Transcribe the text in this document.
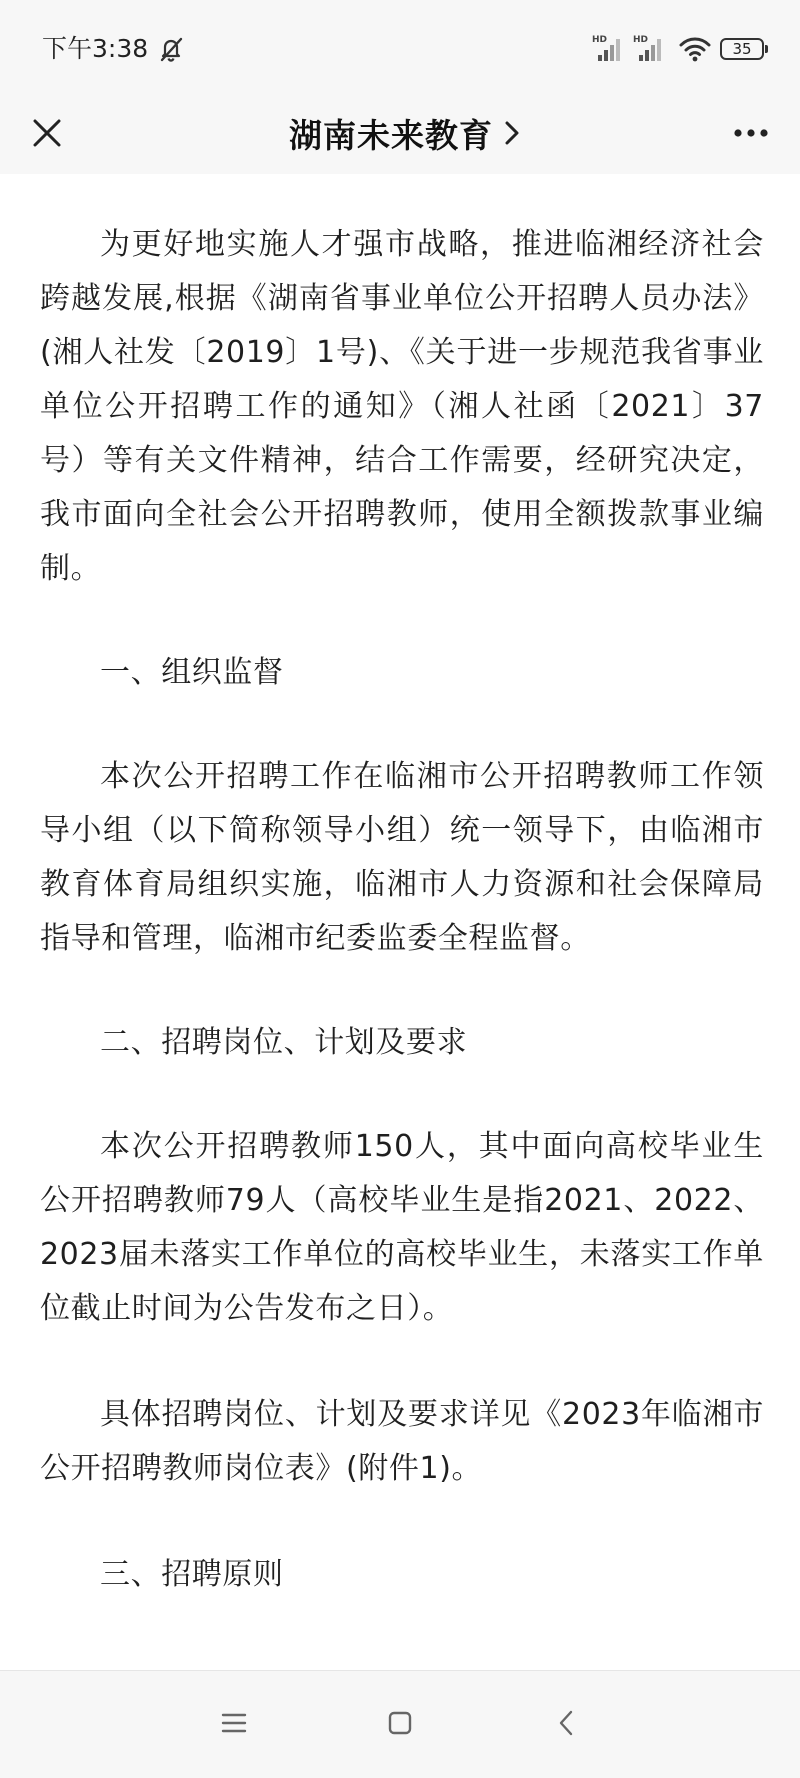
下午3:38	HD	HD	35
湖南未来教育

为更好地实施人才强市战略，推进临湘经济社会跨越发展,根据《湖南省事业单位公开招聘人员办法》(湘人社发〔2019〕1号)、《关于进一步规范我省事业单位公开招聘工作的通知》（湘人社函〔2021〕37号）等有关文件精神，结合工作需要，经研究决定，我市面向全社会公开招聘教师，使用全额拨款事业编制。

一、组织监督

本次公开招聘工作在临湘市公开招聘教师工作领导小组（以下简称领导小组）统一领导下，由临湘市教育体育局组织实施，临湘市人力资源和社会保障局指导和管理，临湘市纪委监委全程监督。

二、招聘岗位、计划及要求

本次公开招聘教师150人，其中面向高校毕业生公开招聘教师79人（高校毕业生是指2021、2022、2023届未落实工作单位的高校毕业生，未落实工作单位截止时间为公告发布之日）。

具体招聘岗位、计划及要求详见《2023年临湘市公开招聘教师岗位表》(附件1)。

三、招聘原则
